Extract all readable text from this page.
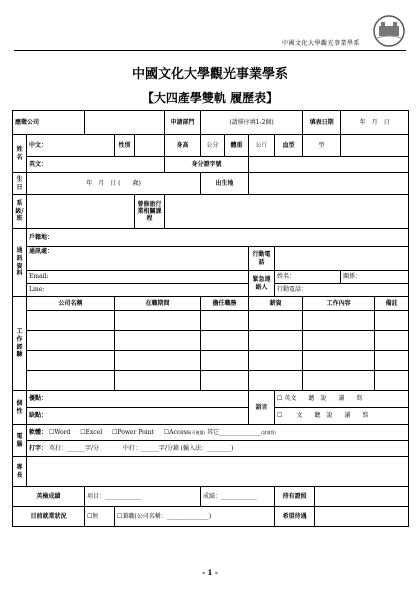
中國文化大學觀光事業學系
中國文化大學觀光事業學系
【大四產學雙軌 履歷表】
應徵公司					申請部門	(請排序填1-2個)				填表日期		年　 月　 日	
姓名	中文：		性別		身高	公分	體重	公斤	血型	型			
	英文：				身分證字號								
生日	年　月　日 (　　歲)					出生地							
系級/班				曾修旅行業相關課程									
通訊資料	戶籍地：												
	通訊處：							行動電話					
	Email:							緊急連絡人	姓名：			關係：	
	Line:								行動電話：				
工作經驗	公司名稱		在職期間			擔任職務		薪資		工作內容			備註

個性	優點：							語言	☐ 英文　　聽　說　　讀　　寫				
	缺點：								☐ 　　文　　聽　說　　讀　　寫				
電腦	軟體： ☐Word ☐Excel ☐Power Point ☐Access(可複選) 其它______________(請填寫)												
	打字： 英打：______字/分 中打：______字/分鐘 (輸入法：________)												
專長													
英檢成績		項目：____________				成績：____________			持有證照				
目前就業狀況		☐無	☐兼職(公司名稱：______________)						希望待遇				
- 1 -
